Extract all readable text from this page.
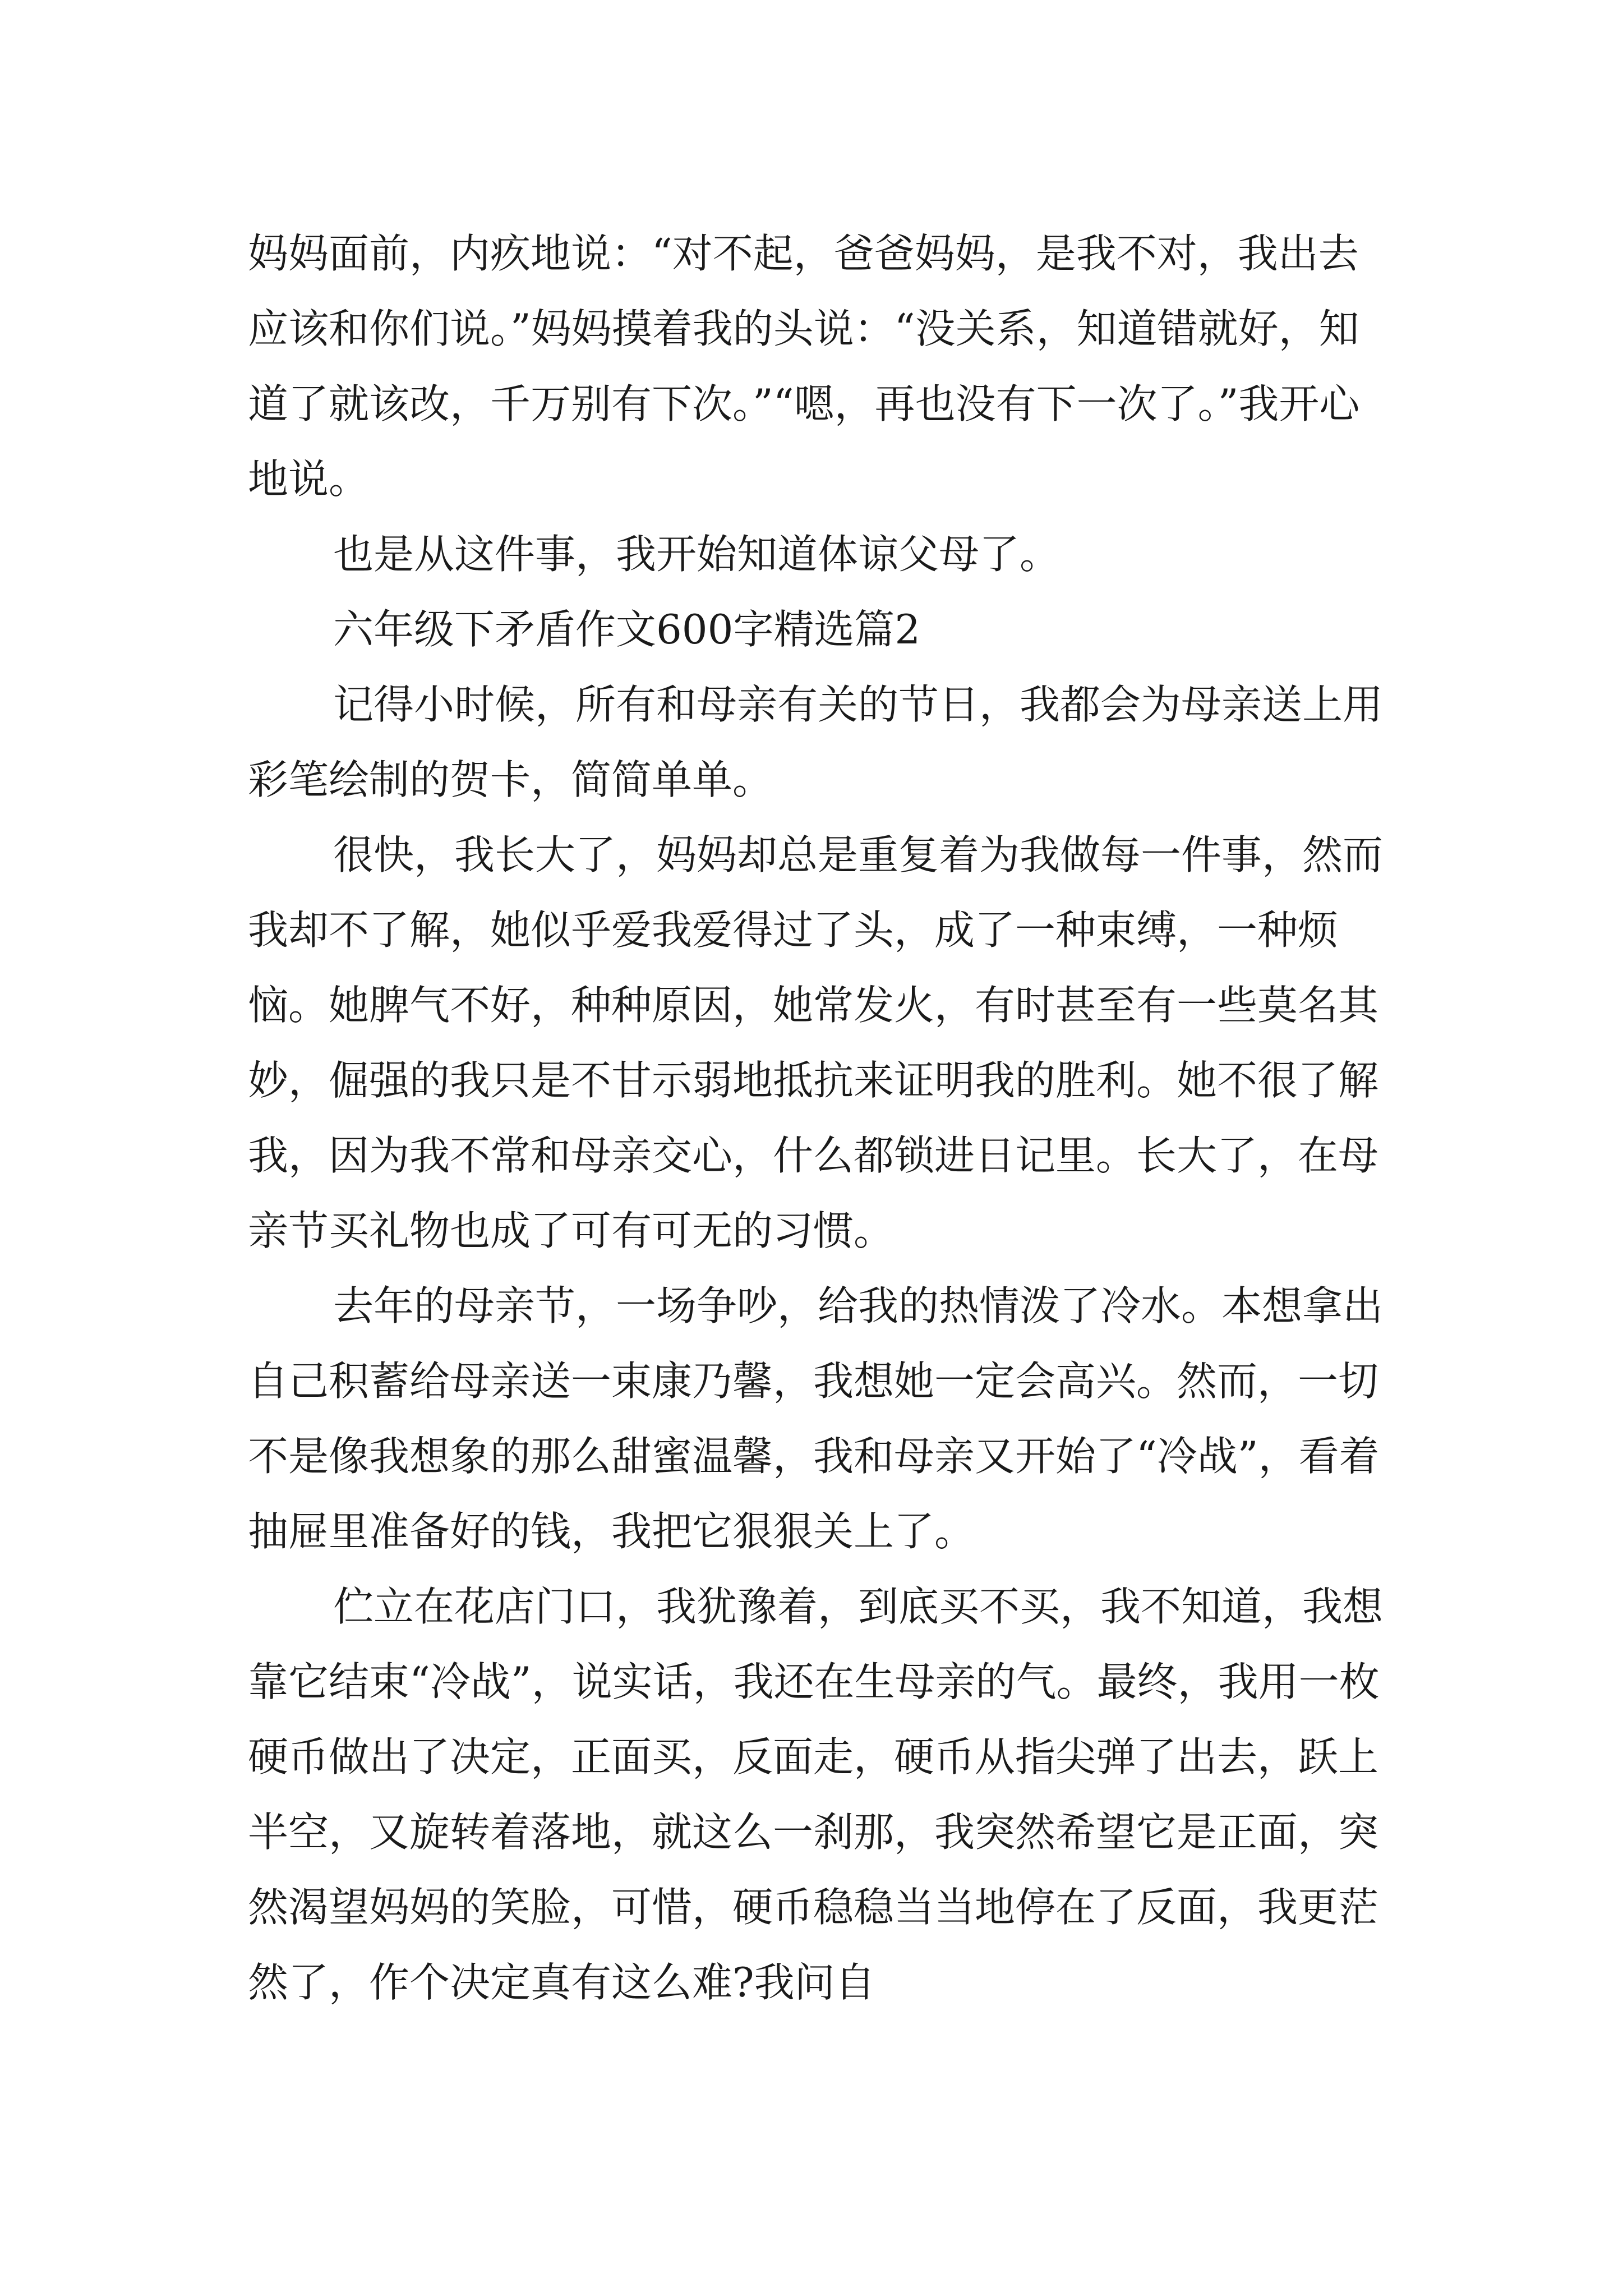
妈妈面前，内疚地说：“对不起，爸爸妈妈，是我不对，我出去应该和你们说。”妈妈摸着我的头说：“没关系，知道错就好，知道了就该改，千万别有下次。”“嗯，再也没有下一次了。”我开心地说。

也是从这件事，我开始知道体谅父母了。

六年级下矛盾作文600字精选篇2

记得小时候，所有和母亲有关的节日，我都会为母亲送上用彩笔绘制的贺卡，简简单单。

很快，我长大了，妈妈却总是重复着为我做每一件事，然而我却不了解，她似乎爱我爱得过了头，成了一种束缚，一种烦恼。她脾气不好，种种原因，她常发火，有时甚至有一些莫名其妙，倔强的我只是不甘示弱地抵抗来证明我的胜利。她不很了解我，因为我不常和母亲交心，什么都锁进日记里。长大了，在母亲节买礼物也成了可有可无的习惯。

去年的母亲节，一场争吵，给我的热情泼了冷水。本想拿出自己积蓄给母亲送一束康乃馨，我想她一定会高兴。然而，一切不是像我想象的那么甜蜜温馨，我和母亲又开始了“冷战”，看着抽屉里准备好的钱，我把它狠狠关上了。

伫立在花店门口，我犹豫着，到底买不买，我不知道，我想靠它结束“冷战”，说实话，我还在生母亲的气。最终，我用一枚硬币做出了决定，正面买，反面走，硬币从指尖弹了出去，跃上半空，又旋转着落地，就这么一刹那，我突然希望它是正面，突然渴望妈妈的笑脸，可惜，硬币稳稳当当地停在了反面，我更茫然了，作个决定真有这么难?我问自
